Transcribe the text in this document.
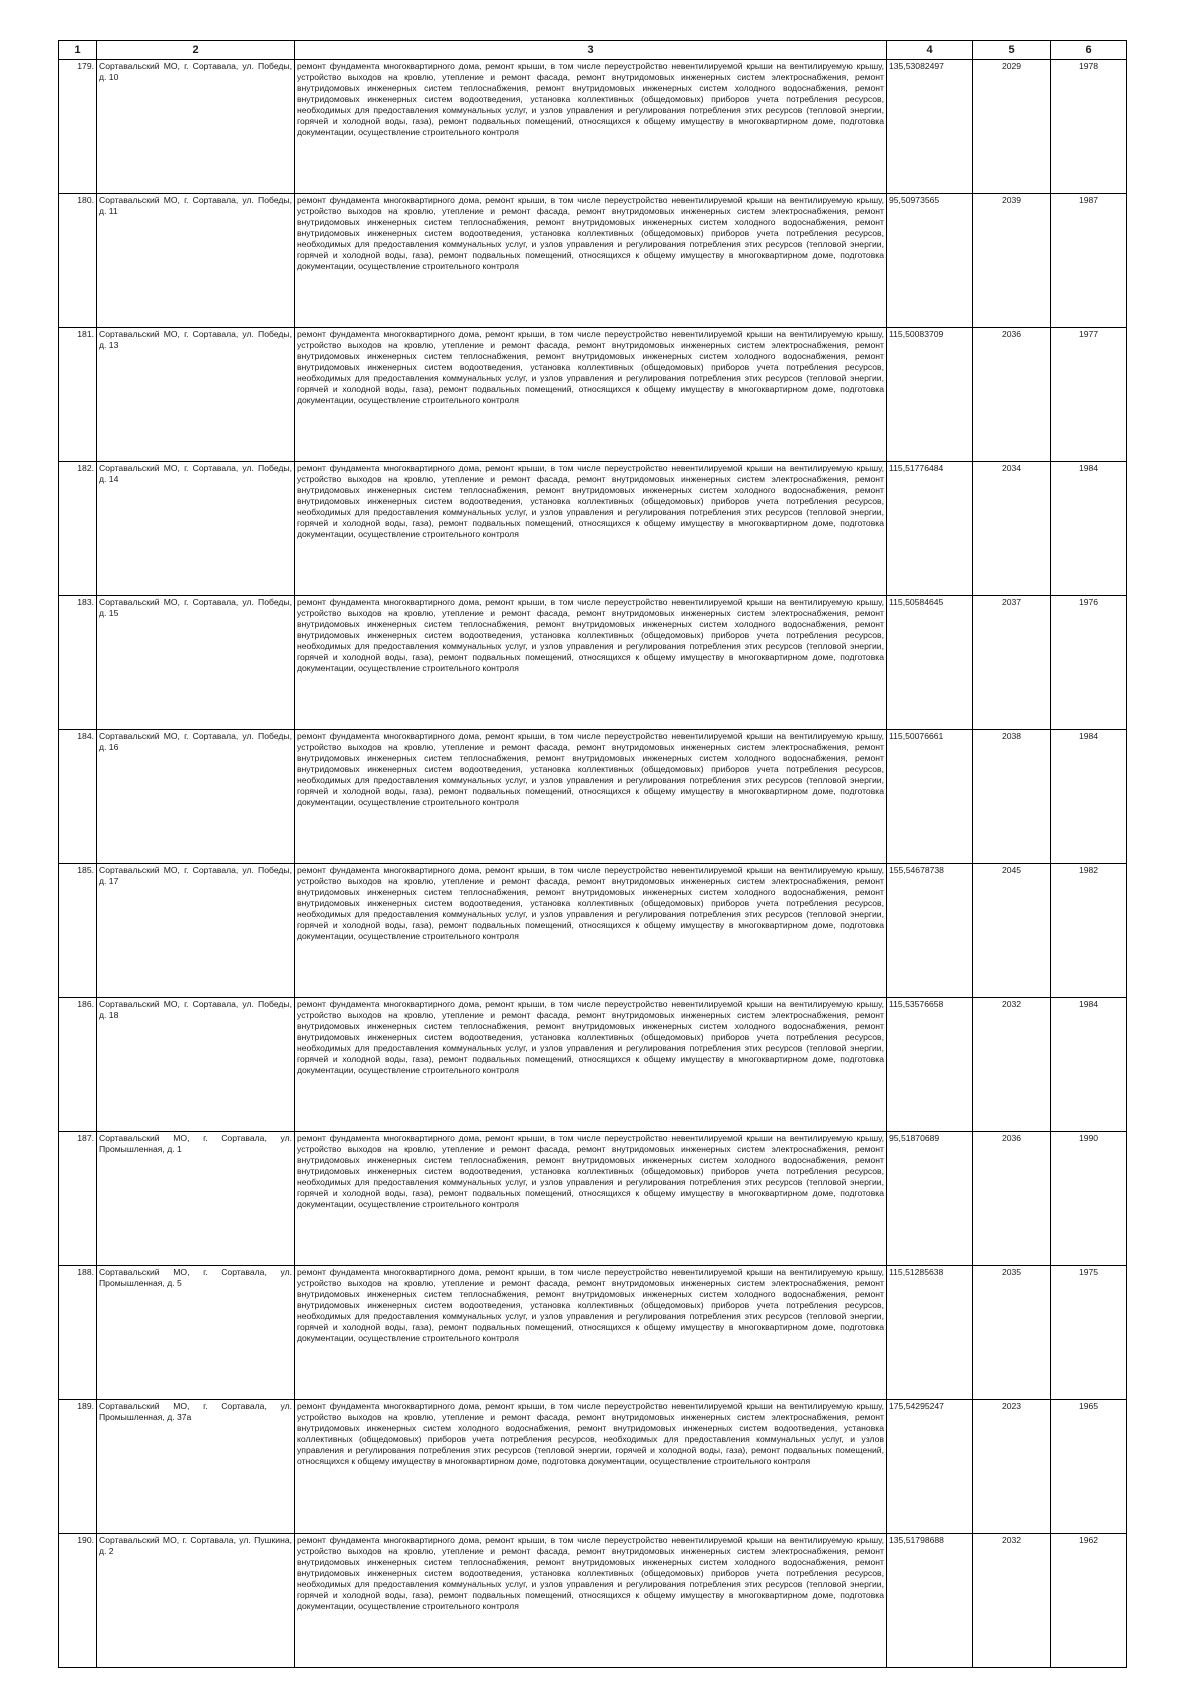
1	2	3	4	5	6
179.	Сортавальский МО, г. Сортавала, ул. Победы, д. 10	ремонт фундамента многоквартирного дома, ремонт крыши, в том числе переустройство невентилируемой крыши на вентилируемую крышу, устройство выходов на кровлю, утепление и ремонт фасада, ремонт внутридомовых инженерных систем электроснабжения, ремонт внутридомовых инженерных систем теплоснабжения, ремонт внутридомовых инженерных систем холодного водоснабжения, ремонт внутридомовых инженерных систем водоотведения, установка коллективных (общедомовых) приборов учета потребления ресурсов, необходимых для предоставления коммунальных услуг, и узлов управления и регулирования потребления этих ресурсов (тепловой энергии, горячей и холодной воды, газа), ремонт подвальных помещений, относящихся к общему имуществу в многоквартирном доме, подготовка документации, осуществление строительного контроля	135,53082497	2029	1978
180.	Сортавальский МО, г. Сортавала, ул. Победы, д. 11	ремонт фундамента многоквартирного дома, ремонт крыши, в том числе переустройство невентилируемой крыши на вентилируемую крышу, устройство выходов на кровлю, утепление и ремонт фасада, ремонт внутридомовых инженерных систем электроснабжения, ремонт внутридомовых инженерных систем теплоснабжения, ремонт внутридомовых инженерных систем холодного водоснабжения, ремонт внутридомовых инженерных систем водоотведения, установка коллективных (общедомовых) приборов учета потребления ресурсов, необходимых для предоставления коммунальных услуг, и узлов управления и регулирования потребления этих ресурсов (тепловой энергии, горячей и холодной воды, газа), ремонт подвальных помещений, относящихся к общему имуществу в многоквартирном доме, подготовка документации, осуществление строительного контроля	95,50973565	2039	1987
181.	Сортавальский МО, г. Сортавала, ул. Победы, д. 13	ремонт фундамента многоквартирного дома, ремонт крыши, в том числе переустройство невентилируемой крыши на вентилируемую крышу, устройство выходов на кровлю, утепление и ремонт фасада, ремонт внутридомовых инженерных систем электроснабжения, ремонт внутридомовых инженерных систем теплоснабжения, ремонт внутридомовых инженерных систем холодного водоснабжения, ремонт внутридомовых инженерных систем водоотведения, установка коллективных (общедомовых) приборов учета потребления ресурсов, необходимых для предоставления коммунальных услуг, и узлов управления и регулирования потребления этих ресурсов (тепловой энергии, горячей и холодной воды, газа), ремонт подвальных помещений, относящихся к общему имуществу в многоквартирном доме, подготовка документации, осуществление строительного контроля	115,50083709	2036	1977
182.	Сортавальский МО, г. Сортавала, ул. Победы, д. 14	ремонт фундамента многоквартирного дома, ремонт крыши, в том числе переустройство невентилируемой крыши на вентилируемую крышу, устройство выходов на кровлю, утепление и ремонт фасада, ремонт внутридомовых инженерных систем электроснабжения, ремонт внутридомовых инженерных систем теплоснабжения, ремонт внутридомовых инженерных систем холодного водоснабжения, ремонт внутридомовых инженерных систем водоотведения, установка коллективных (общедомовых) приборов учета потребления ресурсов, необходимых для предоставления коммунальных услуг, и узлов управления и регулирования потребления этих ресурсов (тепловой энергии, горячей и холодной воды, газа), ремонт подвальных помещений, относящихся к общему имуществу в многоквартирном доме, подготовка документации, осуществление строительного контроля	115,51776484	2034	1984
183.	Сортавальский МО, г. Сортавала, ул. Победы, д. 15	ремонт фундамента многоквартирного дома, ремонт крыши, в том числе переустройство невентилируемой крыши на вентилируемую крышу, устройство выходов на кровлю, утепление и ремонт фасада, ремонт внутридомовых инженерных систем электроснабжения, ремонт внутридомовых инженерных систем теплоснабжения, ремонт внутридомовых инженерных систем холодного водоснабжения, ремонт внутридомовых инженерных систем водоотведения, установка коллективных (общедомовых) приборов учета потребления ресурсов, необходимых для предоставления коммунальных услуг, и узлов управления и регулирования потребления этих ресурсов (тепловой энергии, горячей и холодной воды, газа), ремонт подвальных помещений, относящихся к общему имуществу в многоквартирном доме, подготовка документации, осуществление строительного контроля	115,50584645	2037	1976
184.	Сортавальский МО, г. Сортавала, ул. Победы, д. 16	ремонт фундамента многоквартирного дома, ремонт крыши, в том числе переустройство невентилируемой крыши на вентилируемую крышу, устройство выходов на кровлю, утепление и ремонт фасада, ремонт внутридомовых инженерных систем электроснабжения, ремонт внутридомовых инженерных систем теплоснабжения, ремонт внутридомовых инженерных систем холодного водоснабжения, ремонт внутридомовых инженерных систем водоотведения, установка коллективных (общедомовых) приборов учета потребления ресурсов, необходимых для предоставления коммунальных услуг, и узлов управления и регулирования потребления этих ресурсов (тепловой энергии, горячей и холодной воды, газа), ремонт подвальных помещений, относящихся к общему имуществу в многоквартирном доме, подготовка документации, осуществление строительного контроля	115,50076661	2038	1984
185.	Сортавальский МО, г. Сортавала, ул. Победы, д. 17	ремонт фундамента многоквартирного дома, ремонт крыши, в том числе переустройство невентилируемой крыши на вентилируемую крышу, устройство выходов на кровлю, утепление и ремонт фасада, ремонт внутридомовых инженерных систем электроснабжения, ремонт внутридомовых инженерных систем теплоснабжения, ремонт внутридомовых инженерных систем холодного водоснабжения, ремонт внутридомовых инженерных систем водоотведения, установка коллективных (общедомовых) приборов учета потребления ресурсов, необходимых для предоставления коммунальных услуг, и узлов управления и регулирования потребления этих ресурсов (тепловой энергии, горячей и холодной воды, газа), ремонт подвальных помещений, относящихся к общему имуществу в многоквартирном доме, подготовка документации, осуществление строительного контроля	155,54678738	2045	1982
186.	Сортавальский МО, г. Сортавала, ул. Победы, д. 18	ремонт фундамента многоквартирного дома, ремонт крыши, в том числе переустройство невентилируемой крыши на вентилируемую крышу, устройство выходов на кровлю, утепление и ремонт фасада, ремонт внутридомовых инженерных систем электроснабжения, ремонт внутридомовых инженерных систем теплоснабжения, ремонт внутридомовых инженерных систем холодного водоснабжения, ремонт внутридомовых инженерных систем водоотведения, установка коллективных (общедомовых) приборов учета потребления ресурсов, необходимых для предоставления коммунальных услуг, и узлов управления и регулирования потребления этих ресурсов (тепловой энергии, горячей и холодной воды, газа), ремонт подвальных помещений, относящихся к общему имуществу в многоквартирном доме, подготовка документации, осуществление строительного контроля	115,53576658	2032	1984
187.	Сортавальский МО, г. Сортавала, ул. Промышленная, д. 1	ремонт фундамента многоквартирного дома, ремонт крыши, в том числе переустройство невентилируемой крыши на вентилируемую крышу, устройство выходов на кровлю, утепление и ремонт фасада, ремонт внутридомовых инженерных систем электроснабжения, ремонт внутридомовых инженерных систем теплоснабжения, ремонт внутридомовых инженерных систем холодного водоснабжения, ремонт внутридомовых инженерных систем водоотведения, установка коллективных (общедомовых) приборов учета потребления ресурсов, необходимых для предоставления коммунальных услуг, и узлов управления и регулирования потребления этих ресурсов (тепловой энергии, горячей и холодной воды, газа), ремонт подвальных помещений, относящихся к общему имуществу в многоквартирном доме, подготовка документации, осуществление строительного контроля	95,51870689	2036	1990
188.	Сортавальский МО, г. Сортавала, ул. Промышленная, д. 5	ремонт фундамента многоквартирного дома, ремонт крыши, в том числе переустройство невентилируемой крыши на вентилируемую крышу, устройство выходов на кровлю, утепление и ремонт фасада, ремонт внутридомовых инженерных систем электроснабжения, ремонт внутридомовых инженерных систем теплоснабжения, ремонт внутридомовых инженерных систем холодного водоснабжения, ремонт внутридомовых инженерных систем водоотведения, установка коллективных (общедомовых) приборов учета потребления ресурсов, необходимых для предоставления коммунальных услуг, и узлов управления и регулирования потребления этих ресурсов (тепловой энергии, горячей и холодной воды, газа), ремонт подвальных помещений, относящихся к общему имуществу в многоквартирном доме, подготовка документации, осуществление строительного контроля	115,51285638	2035	1975
189.	Сортавальский МО, г. Сортавала, ул. Промышленная, д. 37а	ремонт фундамента многоквартирного дома, ремонт крыши, в том числе переустройство невентилируемой крыши на вентилируемую крышу, устройство выходов на кровлю, утепление и ремонт фасада, ремонт внутридомовых инженерных систем электроснабжения, ремонт внутридомовых инженерных систем холодного водоснабжения, ремонт внутридомовых инженерных систем водоотведения, установка коллективных (общедомовых) приборов учета потребления ресурсов, необходимых для предоставления коммунальных услуг, и узлов управления и регулирования потребления этих ресурсов (тепловой энергии, горячей и холодной воды, газа), ремонт подвальных помещений, относящихся к общему имуществу в многоквартирном доме, подготовка документации, осуществление строительного контроля	175,54295247	2023	1965
190.	Сортавальский МО, г. Сортавала, ул. Пушкина, д. 2	ремонт фундамента многоквартирного дома, ремонт крыши, в том числе переустройство невентилируемой крыши на вентилируемую крышу, устройство выходов на кровлю, утепление и ремонт фасада, ремонт внутридомовых инженерных систем электроснабжения, ремонт внутридомовых инженерных систем теплоснабжения, ремонт внутридомовых инженерных систем холодного водоснабжения, ремонт внутридомовых инженерных систем водоотведения, установка коллективных (общедомовых) приборов учета потребления ресурсов, необходимых для предоставления коммунальных услуг, и узлов управления и регулирования потребления этих ресурсов (тепловой энергии, горячей и холодной воды, газа), ремонт подвальных помещений, относящихся к общему имуществу в многоквартирном доме, подготовка документации, осуществление строительного контроля	135,51798688	2032	1962
